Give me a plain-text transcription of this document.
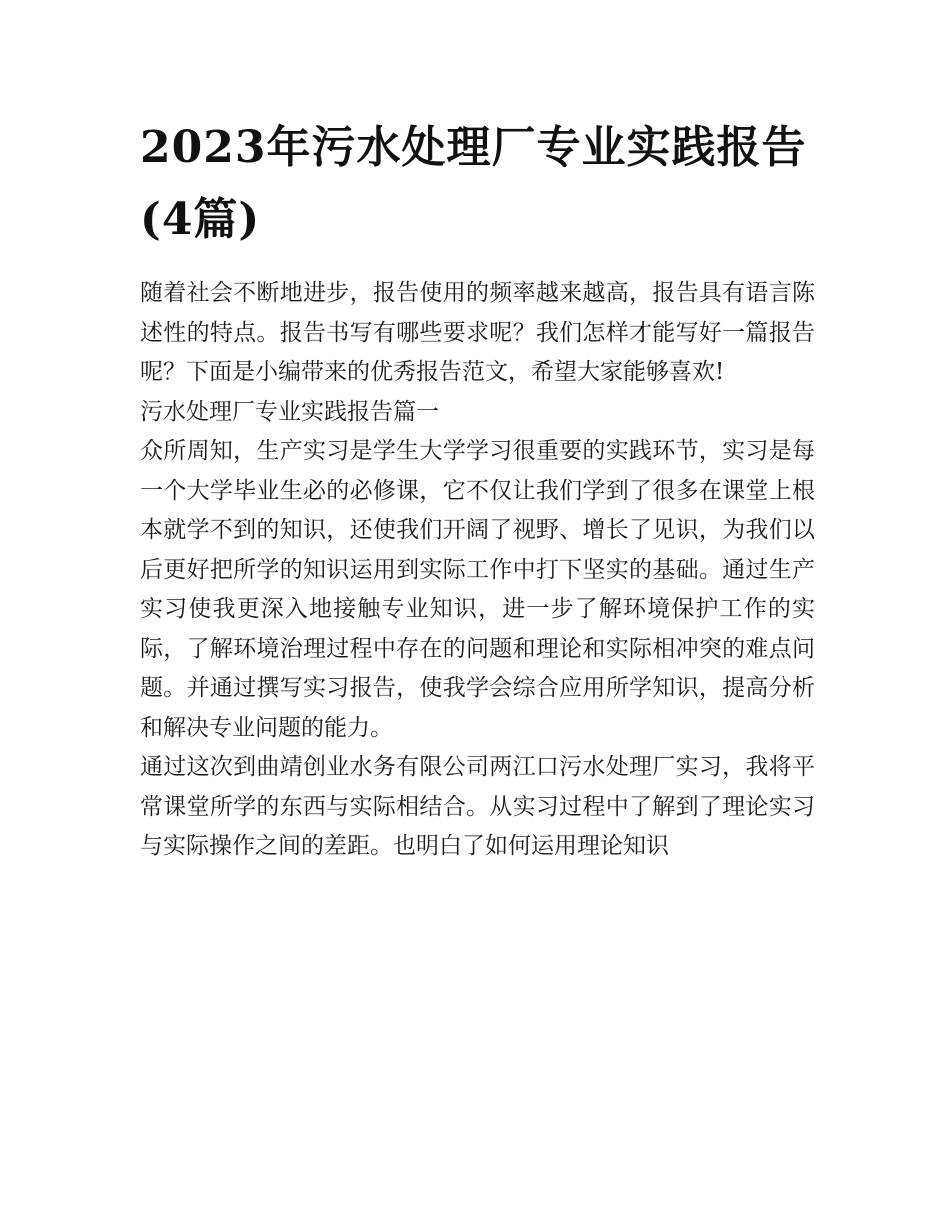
2023年污水处理厂专业实践报告(4篇)

随着社会不断地进步，报告使用的频率越来越高，报告具有语言陈述性的特点。报告书写有哪些要求呢？我们怎样才能写好一篇报告呢？下面是小编带来的优秀报告范文，希望大家能够喜欢!

污水处理厂专业实践报告篇一

众所周知，生产实习是学生大学学习很重要的实践环节，实习是每一个大学毕业生必的必修课，它不仅让我们学到了很多在课堂上根本就学不到的知识，还使我们开阔了视野、增长了见识，为我们以后更好把所学的知识运用到实际工作中打下坚实的基础。通过生产实习使我更深入地接触专业知识，进一步了解环境保护工作的实际，了解环境治理过程中存在的问题和理论和实际相冲突的难点问题。并通过撰写实习报告，使我学会综合应用所学知识，提高分析和解决专业问题的能力。

通过这次到曲靖创业水务有限公司两江口污水处理厂实习，我将平常课堂所学的东西与实际相结合。从实习过程中了解到了理论实习与实际操作之间的差距。也明白了如何运用理论知识
